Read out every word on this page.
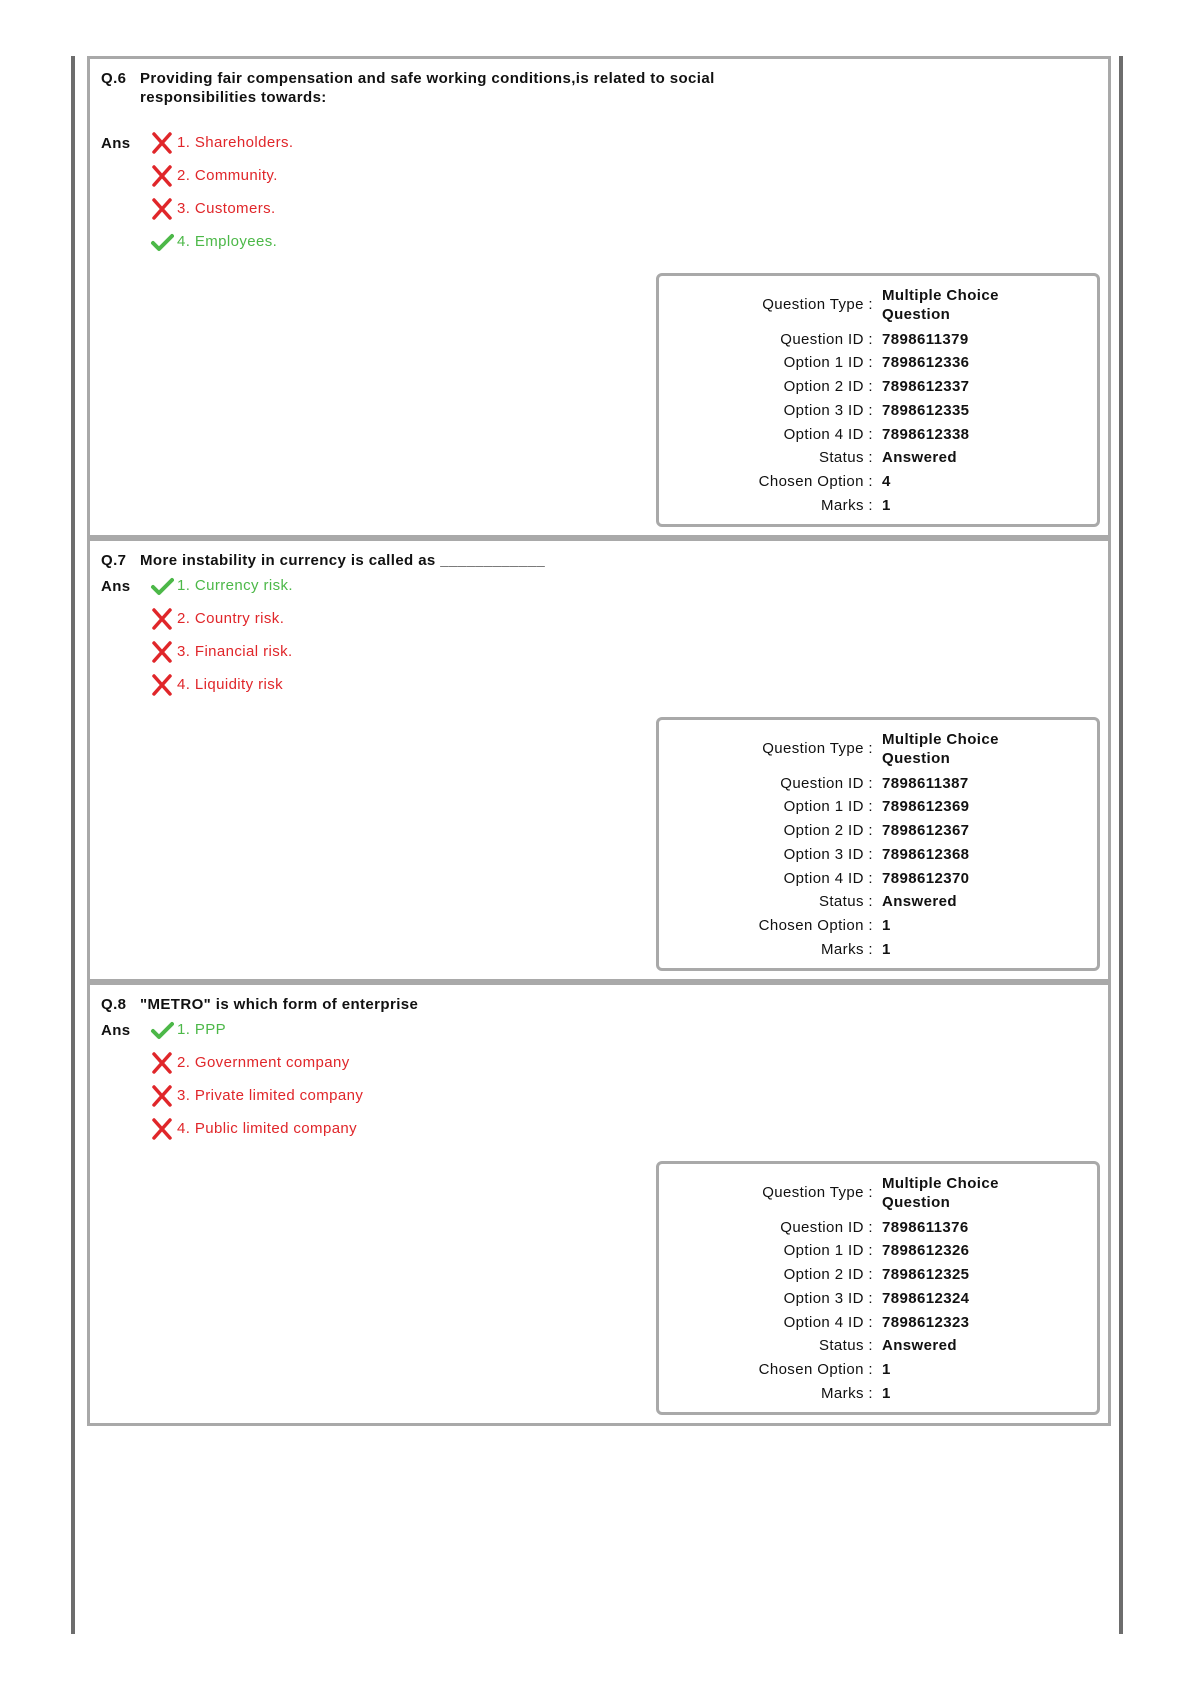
Q.6 Providing fair compensation and safe working conditions,is related to social responsibilities towards:
Ans	1. Shareholders.
2. Community.
3. Customers.
4. Employees.
Question Type :
Multiple Choice Question
Question ID : 7898611379
Option 1 ID : 7898612336
Option 2 ID : 7898612337
Option 3 ID : 7898612335
Option 4 ID : 7898612338
Status : Answered
Chosen Option : 4
Marks : 1
Q.7 More instability in currency is called as ____________
Ans	1. Currency risk.
2. Country risk.
3. Financial risk.
4. Liquidity risk
Question Type :
Multiple Choice Question
Question ID : 7898611387
Option 1 ID : 7898612369
Option 2 ID : 7898612367
Option 3 ID : 7898612368
Option 4 ID : 7898612370
Status : Answered
Chosen Option : 1
Marks : 1
Q.8 "METRO" is which form of enterprise
Ans	1. PPP
2. Government company
3. Private limited company
4. Public limited company
Question Type :
Multiple Choice Question
Question ID : 7898611376
Option 1 ID : 7898612326
Option 2 ID : 7898612325
Option 3 ID : 7898612324
Option 4 ID : 7898612323
Status : Answered
Chosen Option : 1
Marks : 1
